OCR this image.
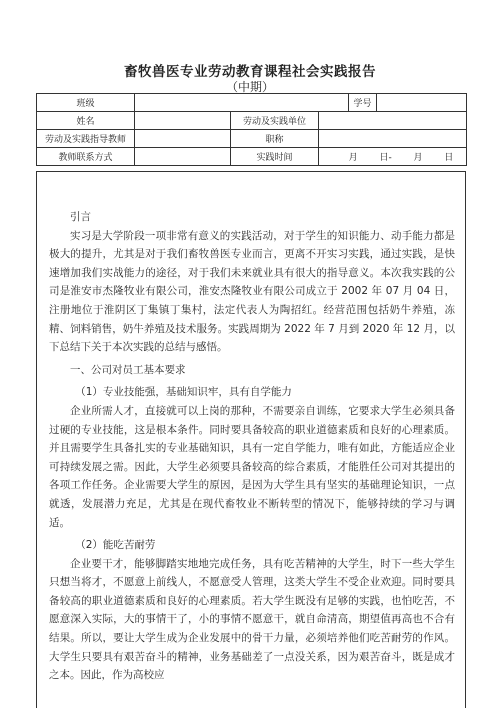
畜牧兽医专业劳动教育课程社会实践报告
（中期）
班级				学号	
姓名		劳动及实践单位			
劳动及实践指导教师		职称			
教师联系方式		实践时间	月 日- 月 日		

引言

实习是大学阶段一项非常有意义的实践活动，对于学生的知识能力、动手能力都是极大的提升，尤其是对于我们畜牧兽医专业而言，更离不开实习实践，通过实践，是快速增加我们实战能力的途径，对于我们未来就业具有很大的指导意义。本次我实践的公司是淮安市杰隆牧业有限公司，淮安杰隆牧业有限公司成立于 2002 年 07 月 04 日，注册地位于淮阴区丁集镇丁集村，法定代表人为陶招红。经营范围包括奶牛养殖，冻精、饲料销售，奶牛养殖及技术服务。实践周期为 2022 年 7 月到 2020 年 12 月，以下总结下关于本次实践的总结与感悟。

一、公司对员工基本要求

（1）专业技能强，基础知识牢，具有自学能力

企业所需人才，直接就可以上岗的那种，不需要亲自训练，它要求大学生必须具备过硬的专业技能，这是根本条件。同时要具备较高的职业道德素质和良好的心理素质。并且需要学生具备扎实的专业基础知识，具有一定自学能力，唯有如此，方能适应企业可持续发展之需。因此，大学生必须要具备较高的综合素质，才能胜任公司对其提出的各项工作任务。企业需要大学生的原因，是因为大学生具有坚实的基础理论知识，一点就透，发展潜力充足，尤其是在现代畜牧业不断转型的情况下，能够持续的学习与调适。

（2）能吃苦耐劳

企业要干才，能够脚踏实地地完成任务，具有吃苦精神的大学生，时下一些大学生只想当将才，不愿意上前线人，不愿意受人管理，这类大学生不受企业欢迎。同时要具备较高的职业道德素质和良好的心理素质。若大学生既没有足够的实践，也怕吃苦，不愿意深入实际，大的事情干了，小的事情不愿意干，就自命清高，期望值再高也不合有结果。所以，要让大学生成为企业发展中的骨干力量，必须培养他们吃苦耐劳的作风。大学生只要具有艰苦奋斗的精神，业务基础差了一点没关系，因为艰苦奋斗，既是成才之本。因此，作为高校应
